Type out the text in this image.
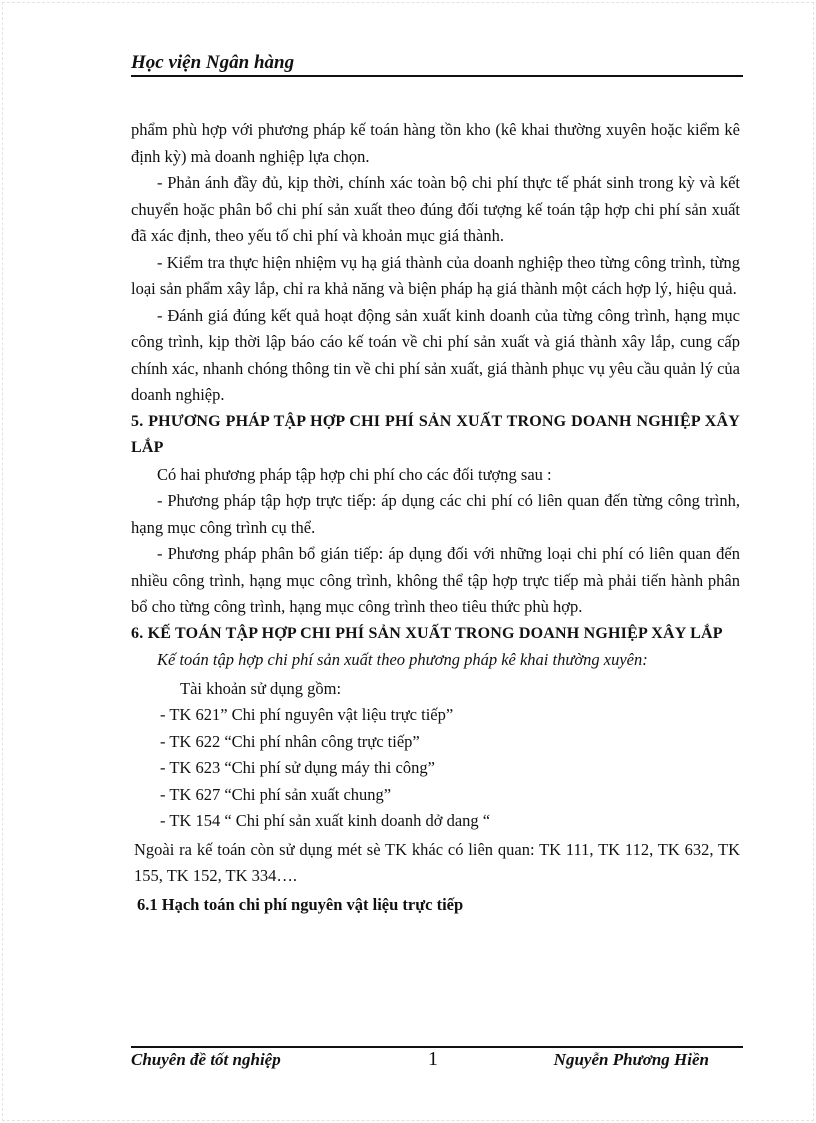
Học viện Ngân hàng

phẩm phù hợp với phương pháp kế toán hàng tồn kho (kê khai thường xuyên hoặc kiểm kê định kỳ) mà doanh nghiệp lựa chọn.

- Phản ánh đầy đủ, kịp thời, chính xác toàn bộ chi phí thực tế phát sinh trong kỳ và kết chuyển hoặc phân bổ chi phí sản xuất theo đúng đối tượng kế toán tập hợp chi phí sản xuất đã xác định, theo yếu tố chi phí và khoản mục giá thành.

- Kiểm tra thực hiện nhiệm vụ hạ giá thành của doanh nghiệp theo từng công trình, từng loại sản phẩm xây lắp, chỉ ra khả năng và biện pháp hạ giá thành một cách hợp lý, hiệu quả.

- Đánh giá đúng kết quả hoạt động sản xuất kinh doanh của từng công trình, hạng mục công trình, kịp thời lập báo cáo kế toán về chi phí sản xuất và giá thành xây lắp, cung cấp chính xác, nhanh chóng thông tin về chi phí sản xuất, giá thành phục vụ yêu cầu quản lý của doanh nghiệp.

5. PHƯƠNG PHÁP TẬP HỢP CHI PHÍ SẢN XUẤT TRONG DOANH NGHIỆP XÂY LẮP

Có hai phương pháp tập hợp chi phí cho các đối tượng sau :

- Phương pháp tập hợp trực tiếp: áp dụng các chi phí có liên quan đến từng công trình, hạng mục công trình cụ thể.

- Phương pháp phân bổ gián tiếp: áp dụng đối với những loại chi phí có liên quan đến nhiều công trình, hạng mục công trình, không thể tập hợp trực tiếp mà phải tiến hành phân bổ cho từng công trình, hạng mục công trình theo tiêu thức phù hợp.

6. KẾ TOÁN TẬP HỢP CHI PHÍ SẢN XUẤT TRONG DOANH NGHIỆP XÂY LẮP

Kế toán tập hợp chi phí sản xuất theo phương pháp kê khai thường xuyên:

Tài khoản sử dụng gồm:

- TK 621” Chi phí nguyên vật liệu trực tiếp”

- TK 622 “Chi phí nhân công trực tiếp”

- TK 623 “Chi phí sử dụng máy thi công”

- TK 627 “Chi phí sản xuất chung”

- TK 154 “ Chi phí sản xuất kinh doanh dở dang “

Ngoài ra kế toán còn sử dụng mét sè TK khác có liên quan: TK 111, TK 112, TK 632, TK 155, TK 152, TK 334….

6.1 Hạch toán chi phí nguyên vật liệu trực tiếp

Chuyên đề tốt nghiệp	1	Nguyễn Phương Hiền
